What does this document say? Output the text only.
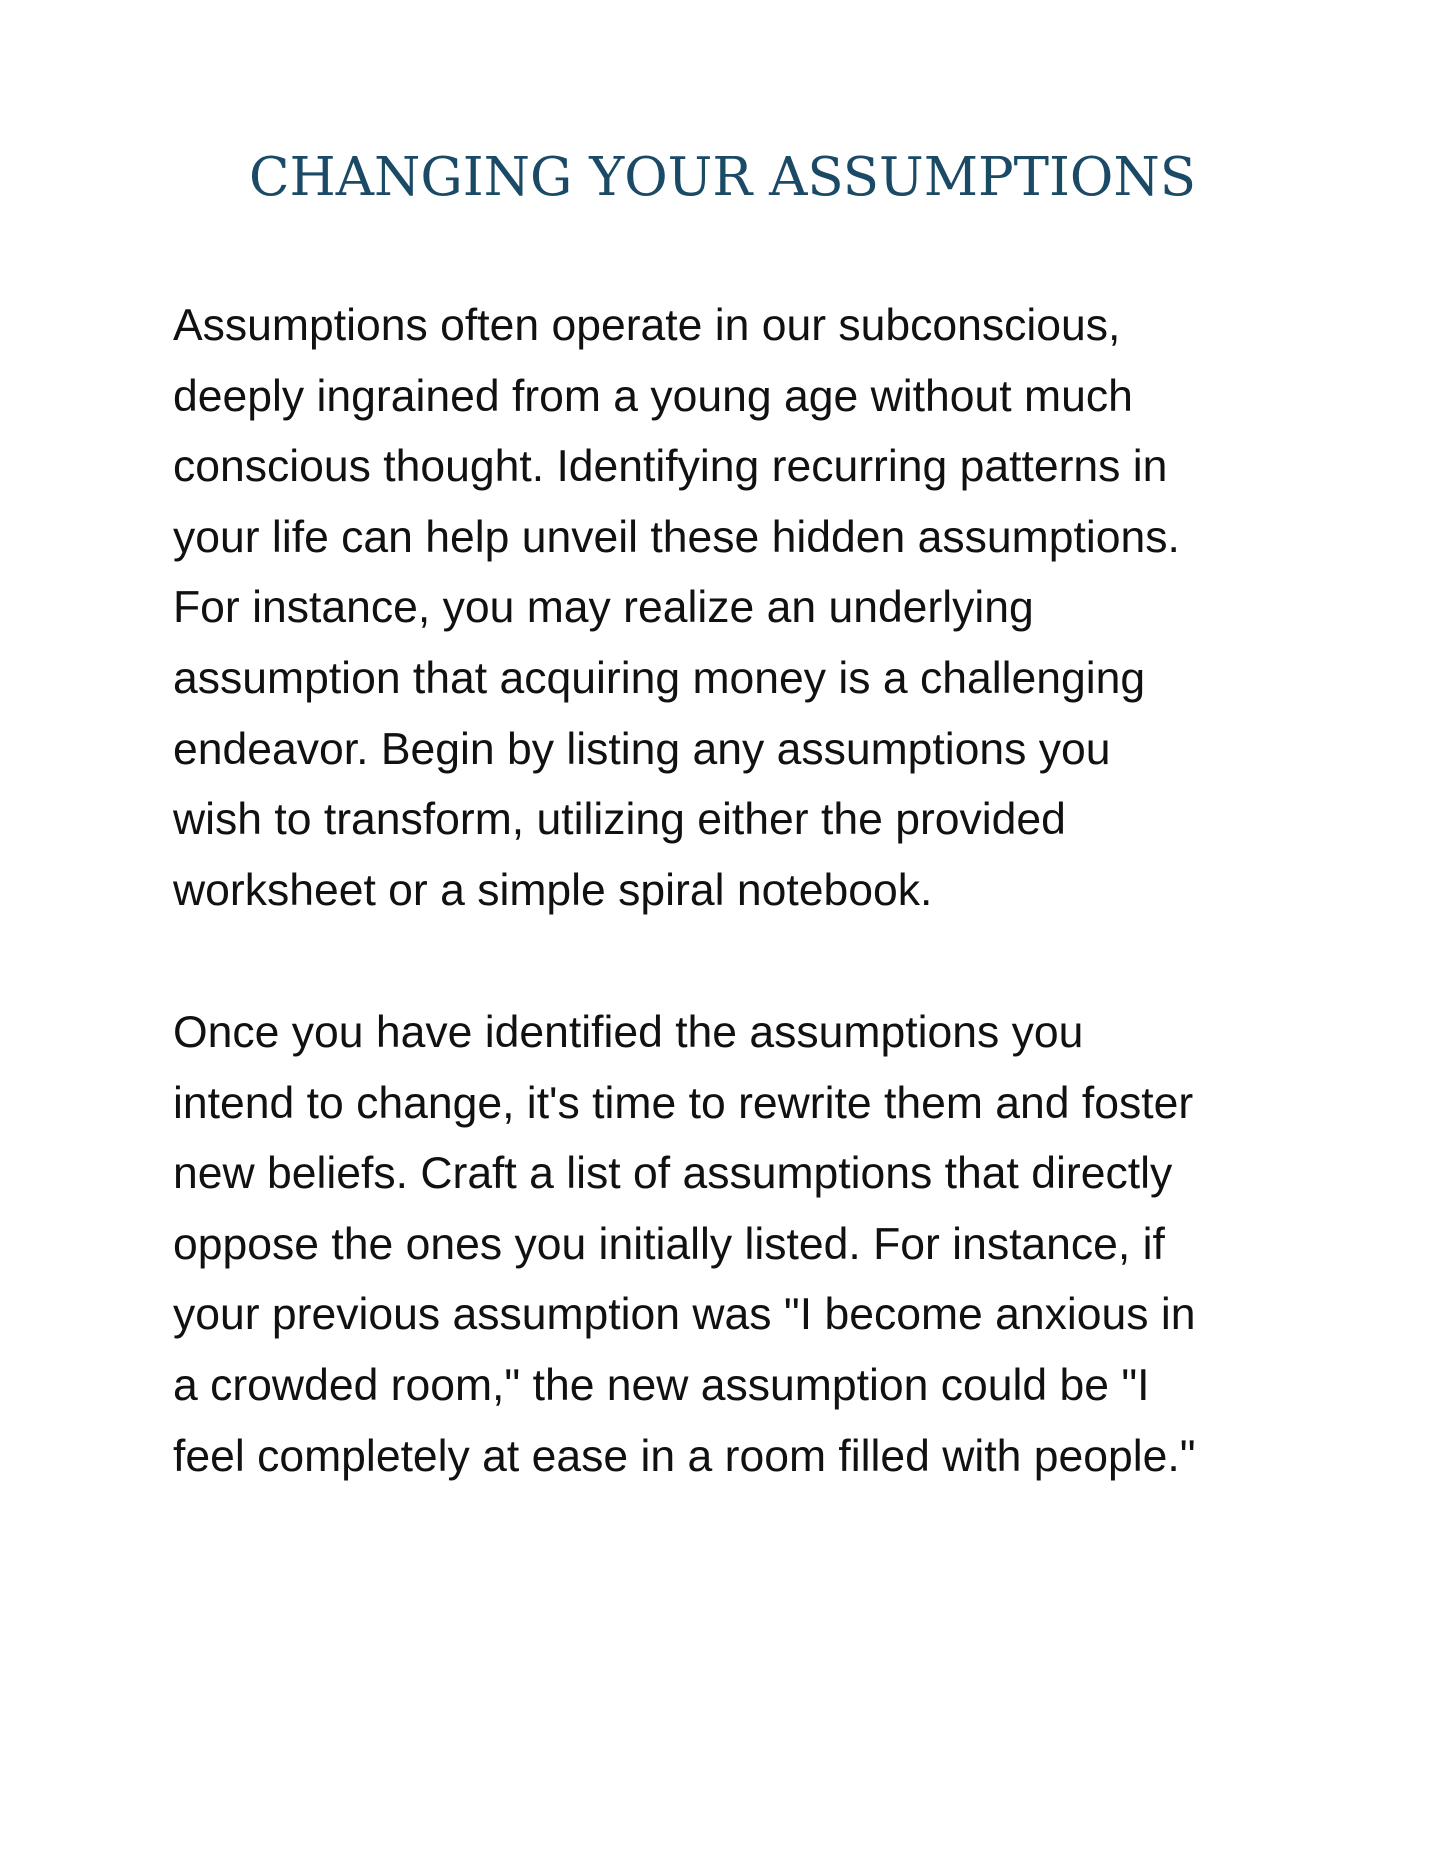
CHANGING YOUR ASSUMPTIONS

Assumptions often operate in our subconscious,
deeply ingrained from a young age without much
conscious thought. Identifying recurring patterns in
your life can help unveil these hidden assumptions.
For instance, you may realize an underlying
assumption that acquiring money is a challenging
endeavor. Begin by listing any assumptions you
wish to transform, utilizing either the provided
worksheet or a simple spiral notebook.

Once you have identified the assumptions you
intend to change, it's time to rewrite them and foster
new beliefs. Craft a list of assumptions that directly
oppose the ones you initially listed. For instance, if
your previous assumption was "I become anxious in
a crowded room," the new assumption could be "I
feel completely at ease in a room filled with people."
